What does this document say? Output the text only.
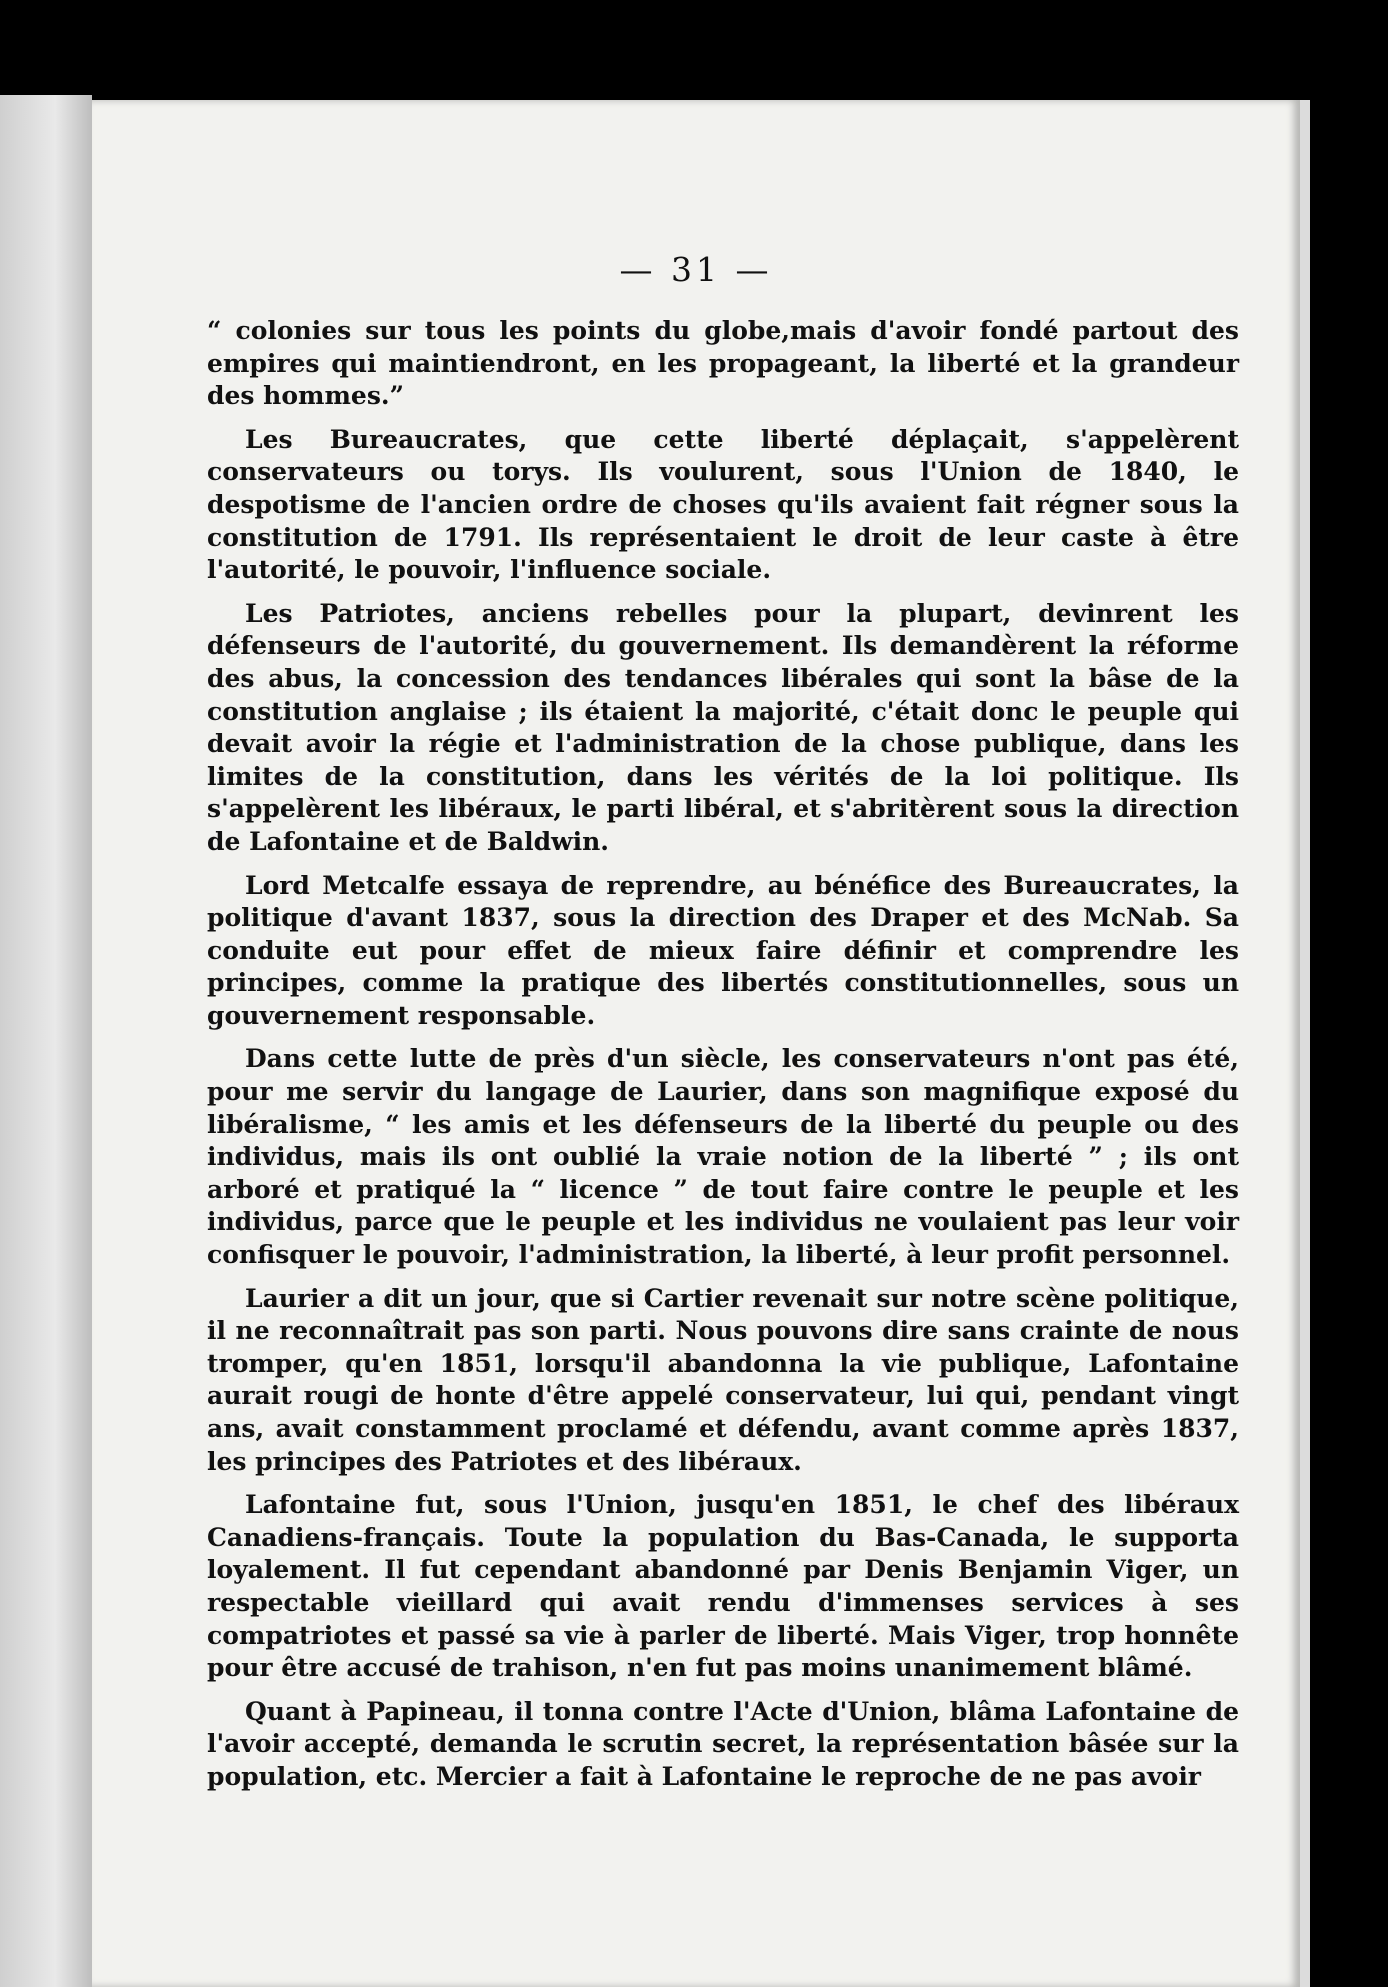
— 31 —

“ colonies sur tous les points du globe,mais d'avoir fondé partout des empires qui maintiendront, en les propageant, la liberté et la grandeur des hommes.”

Les Bureaucrates, que cette liberté déplaçait, s'appelèrent conservateurs ou torys. Ils voulurent, sous l'Union de 1840, le despotisme de l'ancien ordre de choses qu'ils avaient fait régner sous la constitution de 1791. Ils représentaient le droit de leur caste à être l'autorité, le pouvoir, l'influence sociale.

Les Patriotes, anciens rebelles pour la plupart, devinrent les défenseurs de l'autorité, du gouvernement. Ils demandèrent la réforme des abus, la concession des tendances libérales qui sont la bâse de la constitution anglaise ; ils étaient la majorité, c'était donc le peuple qui devait avoir la régie et l'administration de la chose publique, dans les limites de la constitution, dans les vérités de la loi politique. Ils s'appelèrent les libéraux, le parti libéral, et s'abritèrent sous la direction de Lafontaine et de Baldwin.

Lord Metcalfe essaya de reprendre, au bénéfice des Bureaucrates, la politique d'avant 1837, sous la direction des Draper et des McNab. Sa conduite eut pour effet de mieux faire définir et comprendre les principes, comme la pratique des libertés constitutionnelles, sous un gouvernement responsable.

Dans cette lutte de près d'un siècle, les conservateurs n'ont pas été, pour me servir du langage de Laurier, dans son magnifique exposé du libéralisme, “ les amis et les défenseurs de la liberté du peuple ou des individus, mais ils ont oublié la vraie notion de la liberté ” ; ils ont arboré et pratiqué la “ licence ” de tout faire contre le peuple et les individus, parce que le peuple et les individus ne voulaient pas leur voir confisquer le pouvoir, l'administration, la liberté, à leur profit personnel.

Laurier a dit un jour, que si Cartier revenait sur notre scène politique, il ne reconnaîtrait pas son parti. Nous pouvons dire sans crainte de nous tromper, qu'en 1851, lorsqu'il abandonna la vie publique, Lafontaine aurait rougi de honte d'être appelé conservateur, lui qui, pendant vingt ans, avait constamment proclamé et défendu, avant comme après 1837, les principes des Patriotes et des libéraux.

Lafontaine fut, sous l'Union, jusqu'en 1851, le chef des libéraux Canadiens-français. Toute la population du Bas-Canada, le supporta loyalement. Il fut cependant abandonné par Denis Benjamin Viger, un respectable vieillard qui avait rendu d'immenses services à ses compatriotes et passé sa vie à parler de liberté. Mais Viger, trop honnête pour être accusé de trahison, n'en fut pas moins unanimement blâmé.

Quant à Papineau, il tonna contre l'Acte d'Union, blâma Lafontaine de l'avoir accepté, demanda le scrutin secret, la représentation bâsée sur la population, etc. Mercier a fait à Lafontaine le reproche de ne pas avoir
